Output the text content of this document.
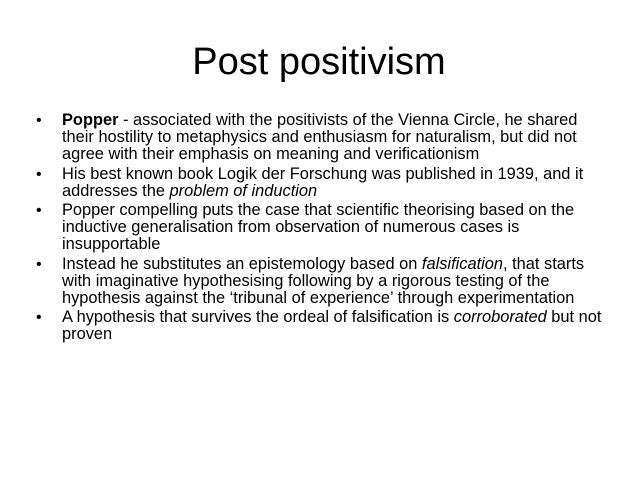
Post positivism
• Popper - associated with the positivists of the Vienna Circle, he shared their hostility to metaphysics and enthusiasm for naturalism, but did not agree with their emphasis on meaning and verificationism
• His best known book Logik der Forschung was published in 1939, and it addresses the problem of induction
• Popper compelling puts the case that scientific theorising based on the inductive generalisation from observation of numerous cases is insupportable
• Instead he substitutes an epistemology based on falsification, that starts with imaginative hypothesising following by a rigorous testing of the hypothesis against the ‘tribunal of experience’ through experimentation
• A hypothesis that survives the ordeal of falsification is corroborated but not proven
